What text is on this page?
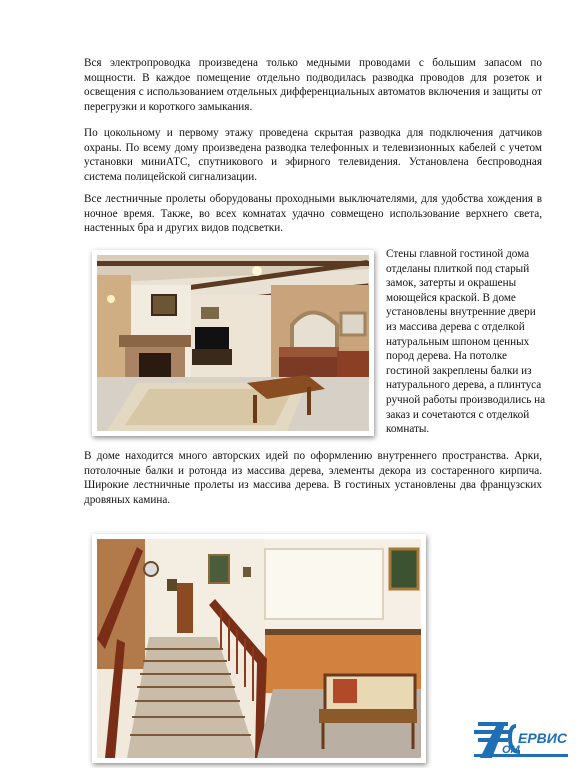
Вся электропроводка произведена только медными проводами с большим запасом по мощности. В каждое помещение отдельно подводилась разводка проводов для розеток и освещения с использованием отдельных дифференциальных автоматов включения и защиты от перегрузки и короткого замыкания.

По цокольному и первому этажу проведена скрытая разводка для подключения датчиков охраны. По всему дому произведена разводка телефонных и телевизионных кабелей с учетом установки миниАТС, спутникового и эфирного телевидения. Установлена беспроводная система полицейской сигнализации.

Все лестничные пролеты оборудованы проходными выключателями, для удобства хождения в ночное время. Также, во всех комнатах удачно совмещено использование верхнего света, настенных бра и других видов подсветки.

Стены главной гостиной дома отделаны плиткой под старый замок, затерты и окрашены моющейся краской. В доме установлены внутренние двери из массива дерева с отделкой натуральным шпоном ценных пород дерева. На потолке гостиной закреплены балки из натурального дерева, а плинтуса ручной работы производились на заказ и сочетаются с отделкой комнаты.

В доме находится много авторских идей по оформлению внутреннего пространства. Арки, потолочные балки и ротонда из массива дерева, элементы декора из состаренного кирпича. Широкие лестничные пролеты из массива дерева. В гостиных установлены два французских дровяных камина.

ЕРВИС
ОМ
